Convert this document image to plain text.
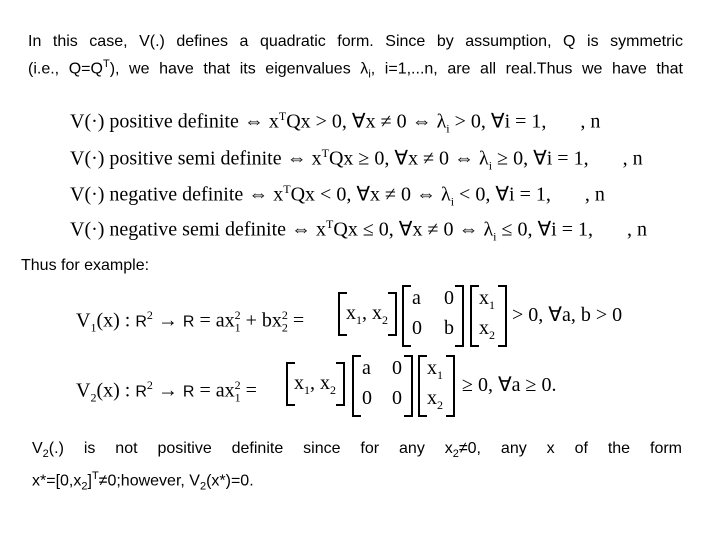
In this case, V(.) defines a quadratic form. Since by assumption, Q is symmetric
(i.e., $Q=Q^T$), we have that its eigenvalues $\lambda_i$, i=1,...n, are all real.Thus we have that
V(·) positive definite ⇔ $x^TQx > 0$, ∀x ≠ 0 ⇔ $\lambda_i > 0$, ∀i = 1, , n
V(·) positive semi definite ⇔ $x^TQx \ge 0$, ∀x ≠ 0 ⇔ $\lambda_i \ge 0$, ∀i = 1, , n
V(·) negative definite ⇔ $x^TQx < 0$, ∀x ≠ 0 ⇔ $\lambda_i < 0$, ∀i = 1, , n
V(·) negative semi definite ⇔ $x^TQx \le 0$, ∀x ≠ 0 ⇔ $\lambda_i \le 0$, ∀i = 1, , n
Thus for example:
$V_1(x)$ : $R^2 \to R = ax_1^2 + bx_2^2 = x_1$, $x_2$
a 0
0 b
$x_1$
$x_2$
> 0, ∀a, b > 0
$V_2(x)$ : $R^2 \to R = ax_1^2 = x_1$, $x_2$
a 0
0 0
$x_1$
$x_2$
≥ 0, ∀a ≥ 0.
$V_2(.)$ is not positive definite since for any $x_2\ne 0$, any x of the form
$x*=[0,x_2]^T\ne 0;however$, $V_2(x*)=0$.
